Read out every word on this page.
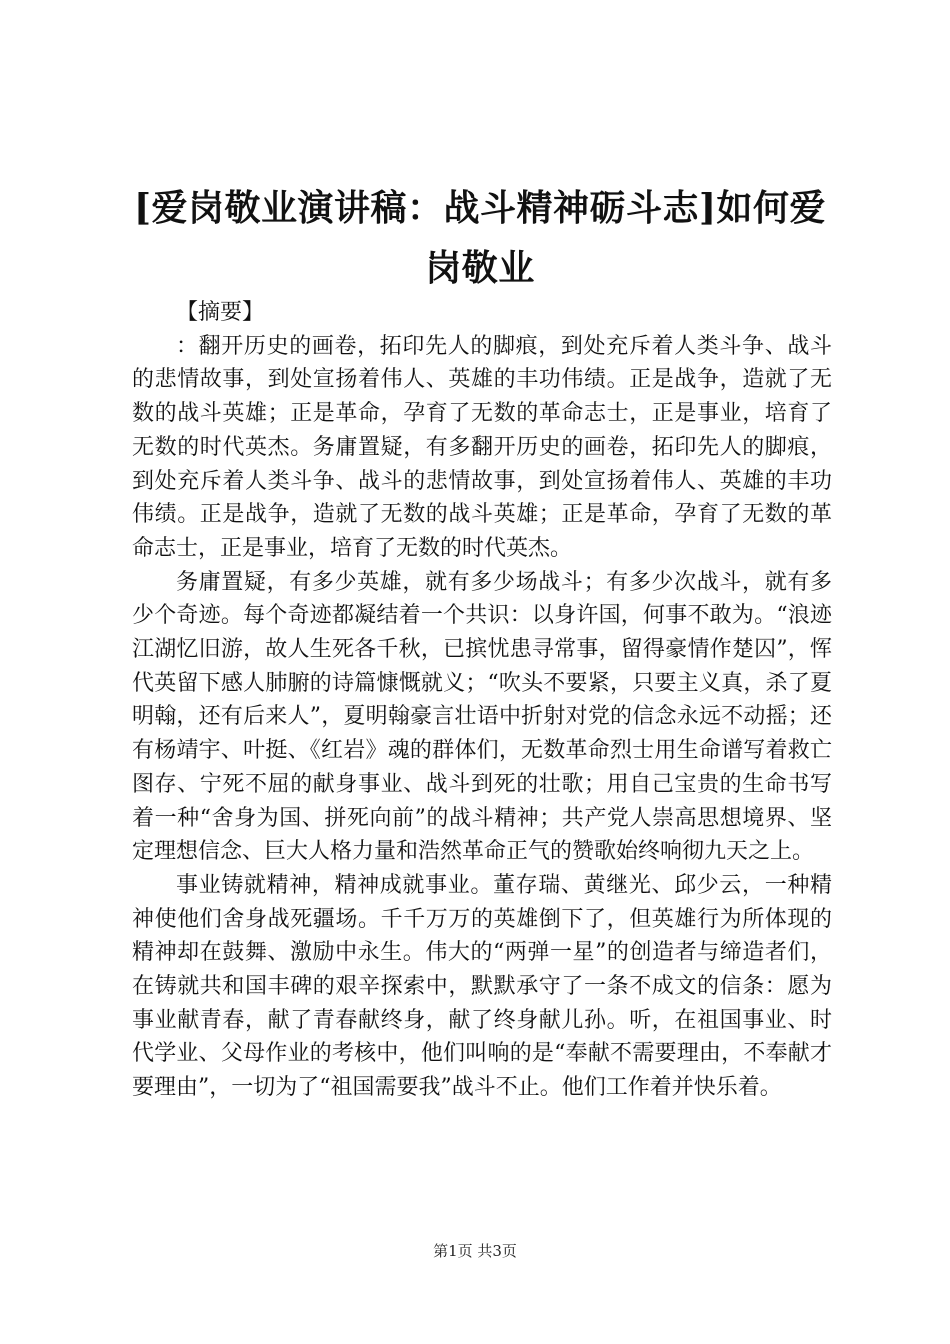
[爱岗敬业演讲稿：战斗精神砺斗志]如何爱岗敬业

【摘要】

：翻开历史的画卷，拓印先人的脚痕，到处充斥着人类斗争、战斗的悲情故事，到处宣扬着伟人、英雄的丰功伟绩。正是战争，造就了无数的战斗英雄；正是革命，孕育了无数的革命志士，正是事业，培育了无数的时代英杰。务庸置疑，有多翻开历史的画卷，拓印先人的脚痕，到处充斥着人类斗争、战斗的悲情故事，到处宣扬着伟人、英雄的丰功伟绩。正是战争，造就了无数的战斗英雄；正是革命，孕育了无数的革命志士，正是事业，培育了无数的时代英杰。

务庸置疑，有多少英雄，就有多少场战斗；有多少次战斗，就有多少个奇迹。每个奇迹都凝结着一个共识：以身许国，何事不敢为。“浪迹江湖忆旧游，故人生死各千秋，已摈忧患寻常事，留得豪情作楚囚”，恽代英留下感人肺腑的诗篇慷慨就义；“吹头不要紧，只要主义真，杀了夏明翰，还有后来人”，夏明翰豪言壮语中折射对党的信念永远不动摇；还有杨靖宇、叶挺、《红岩》魂的群体们，无数革命烈士用生命谱写着救亡图存、宁死不屈的献身事业、战斗到死的壮歌；用自己宝贵的生命书写着一种“舍身为国、拼死向前”的战斗精神；共产党人崇高思想境界、坚定理想信念、巨大人格力量和浩然革命正气的赞歌始终响彻九天之上。

事业铸就精神，精神成就事业。董存瑞、黄继光、邱少云，一种精神使他们舍身战死疆场。千千万万的英雄倒下了，但英雄行为所体现的精神却在鼓舞、激励中永生。伟大的“两弹一星”的创造者与缔造者们，在铸就共和国丰碑的艰辛探索中，默默承守了一条不成文的信条：愿为事业献青春，献了青春献终身，献了终身献儿孙。听，在祖国事业、时代学业、父母作业的考核中，他们叫响的是“奉献不需要理由，不奉献才要理由”，一切为了“祖国需要我”战斗不止。他们工作着并快乐着。

第1页 共3页
